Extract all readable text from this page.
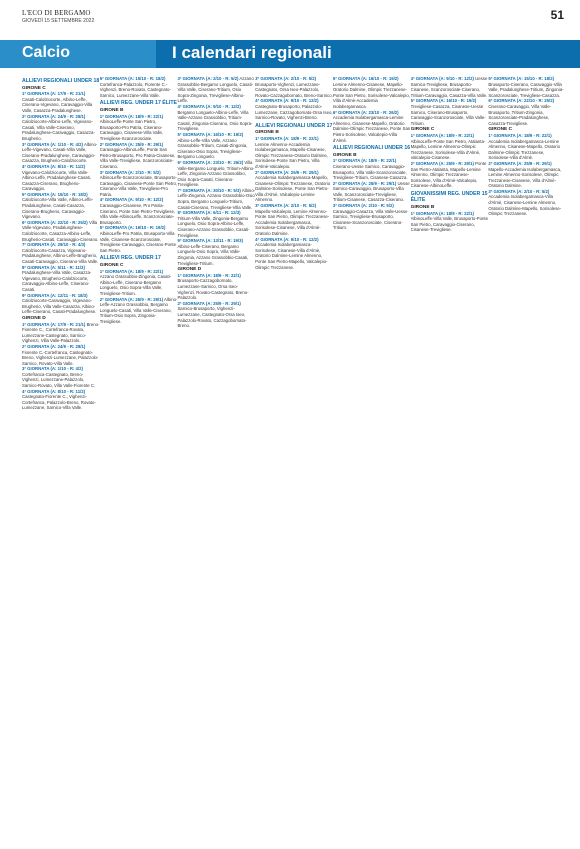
L'ECO DI BERGAMO
GIOVEDÌ 15 SETTEMBRE 2022	51
Calcio	I calendari regionali
ALLIEVI REGIONALI UNDER 18
GIRONE C
1ª GIORNATA (A: 17/9 - R: 21/1) Casati-Calolziocorte, Albino-Leffe, Ciserano-Vigevano, Caravaggio-Villa Valle, Casazza-Pradalunghese.
2ª GIORNATA (A: 24/9 - R: 28/1) Calolziocorte-Albino-Leffe, Vigevano-Casati, Villa Valle-Ciserano, Pradalunghese-Caravaggio, Casazza-Brugherio.
3ª GIORNATA (A: 1/10 - R: 4/2) Albino-Leffe-Vigevano, Casati-Villa Valle, Ciserano-Pradalunghese, Caravaggio-Casazza, Brugherio-Calolziocorte.
4ª GIORNATA (A: 8/10 - R: 11/2) Vigevano-Calolziocorte, Villa Valle-Albino-Leffe, Pradalunghese-Casati, Casazza-Ciserano, Brugherio-Caravaggio.
5ª GIORNATA (A: 15/10 - R: 18/2) Calolziocorte-Villa Valle, Albino-Leffe-Pradalunghese, Casati-Casazza, Ciserano-Brugherio, Caravaggio-Vigevano.
6ª GIORNATA (A: 22/10 - R: 25/2) Villa Valle-Vigevano, Pradalunghese-Calolziocorte, Casazza-Albino-Leffe, Brugherio-Casati, Caravaggio-Ciserano.
7ª GIORNATA (A: 29/10 - R: 4/3) Calolziocorte-Casazza, Vigevano-Pradalunghese, Albino-Leffe-Brugherio, Casati-Caravaggio, Ciserano-Villa Valle.
8ª GIORNATA (A: 5/11 - R: 11/3) Pradalunghese-Villa Valle, Casazza-Vigevano, Brugherio-Calolziocorte, Caravaggio-Albino-Leffe, Ciserano-Casati.
9ª GIORNATA (A: 12/11 - R: 18/3) Calolziocorte-Caravaggio, Vigevano-Brugherio, Villa Valle-Casazza, Albino-Leffe-Ciserano, Casati-Pradalunghese.
GIRONE D
1ª GIORNATA (A: 17/9 - R: 21/1) Breno-Fiorente C., Cortefranca-Rovato, Lumezzane-Castegnato, Sarnico-Vighenzi, Villa Valle-Palazzolo.
2ª GIORNATA (A: 24/9 - R: 28/1) Fiorente C.-Cortefranca, Castegnato-Breno, Vighenzi-Lumezzane, Palazzolo-Sarnico, Rovato-Villa Valle.
3ª GIORNATA (A: 1/10 - R: 4/2) Cortefranca-Castegnato, Breno-Vighenzi, Lumezzane-Palazzolo, Sarnico-Rovato, Villa Valle-Fiorente C.
4ª GIORNATA (A: 8/10 - R: 11/2) Castegnato-Fiorente C., Vighenzi-Cortefranca, Palazzolo-Breno, Rovato-Lumezzane, Sarnico-Villa Valle.
5ª GIORNATA (A: 15/10 - R: 18/2) Cortefranca-Palazzolo, Fiorente C.-Vighenzi, Breno-Rovato, Castegnato-Sarnico, Lumezzane-Villa Valle.
ALLIEVI REG. UNDER 17 ÉLITE
GIRONE B
1ª GIORNATA (A: 18/9 - R: 22/1) AlbinoLeffe-Ponte San Pietro, Brusaporto-Pro Patria, Ciserano-Caravaggio, Cisanese-Villa Valle, Trevigliese-Scanzorosciate.
2ª GIORNATA (A: 25/9 - R: 29/1) Caravaggio-AlbinoLeffe, Ponte San Pietro-Brusaporto, Pro Patria-Cisanese, Villa Valle-Trevigliese, Scanzorosciate-Ciserano.
3ª GIORNATA (A: 2/10 - R: 5/2) AlbinoLeffe-Scanzorosciate, Brusaporto-Caravaggio, Cisanese-Ponte San Pietro, Ciserano-Villa Valle, Trevigliese-Pro Patria.
4ª GIORNATA (A: 9/10 - R: 12/2) Caravaggio-Cisanese, Pro Patria-Ciserano, Ponte San Pietro-Trevigliese, Villa Valle-AlbinoLeffe, Scanzorosciate-Brusaporto.
5ª GIORNATA (A: 16/10 - R: 19/2) AlbinoLeffe-Pro Patria, Brusaporto-Villa Valle, Cisanese-Scanzorosciate, Trevigliese-Caravaggio, Ciserano-Ponte San Pietro.
ALLIEVI REG. UNDER 17
GIRONE C
1ª GIORNATA (A: 18/9 - R: 22/1) Azzano Grassobbio-Zingonia, Casati-Albino-Leffe, Ciserano-Bergamo Longuelo, Osio Sopra-Villa Valle, Trevigliese-Tritium.
2ª GIORNATA (A: 25/9 - R: 29/1) Albino-Leffe-Azzano Grassobbio, Bergamo Longuelo-Casati, Villa Valle-Ciserano, Tritium-Osio Sopra, Zingonia-Trevigliese.
3ª GIORNATA (A: 2/10 - R: 5/2) Azzano Grassobbio-Bergamo Longuelo, Casati-Villa Valle, Ciserano-Tritium, Osio Sopra-Zingonia, Trevigliese-Albino-Leffe.
4ª GIORNATA (A: 9/10 - R: 12/2) Bergamo Longuelo-Albino-Leffe, Villa Valle-Azzano Grassobbio, Tritium-Casati, Zingonia-Ciserano, Osio Sopra-Trevigliese.
5ª GIORNATA (A: 16/10 - R: 19/2) Albino-Leffe-Villa Valle, Azzano Grassobbio-Tritium, Casati-Zingonia, Ciserano-Osio Sopra, Trevigliese-Bergamo Longuelo.
6ª GIORNATA (A: 23/10 - R: 26/2) Villa Valle-Bergamo Longuelo, Tritium-Albino-Leffe, Zingonia-Azzano Grassobbio, Osio Sopra-Casati, Ciserano-Trevigliese.
7ª GIORNATA (A: 30/10 - R: 5/3) Albino-Leffe-Zingonia, Azzano Grassobbio-Osio Sopra, Bergamo Longuelo-Tritium, Casati-Ciserano, Trevigliese-Villa Valle.
8ª GIORNATA (A: 6/11 - R: 12/3) Tritium-Villa Valle, Zingonia-Bergamo Longuelo, Osio Sopra-Albino-Leffe, Ciserano-Azzano Grassobbio, Casati-Trevigliese.
9ª GIORNATA (A: 13/11 - R: 19/3) Albino-Leffe-Ciserano, Bergamo Longuelo-Osio Sopra, Villa Valle-Zingonia, Azzano Grassobbio-Casati, Trevigliese-Tritium.
GIRONE D
1ª GIORNATA (A: 18/9 - R: 22/1) Brusaporto-Cazzagobornato, Lumezzane-Sarnico, Orsa Iseo-Vighenzi, Rovato-Castegnato, Breno-Palazzolo.
2ª GIORNATA (A: 25/9 - R: 29/1) Sarnico-Brusaporto, Vighenzi-Lumezzane, Castegnato-Orsa Iseo, Palazzolo-Rovato, Cazzagobornato-Breno.
3ª GIORNATA (A: 2/10 - R: 5/2) Brusaporto-Vighenzi, Lumezzane-Castegnato, Orsa Iseo-Palazzolo, Rovato-Cazzagobornato, Breno-Sarnico.
4ª GIORNATA (A: 9/10 - R: 12/2) Castegnato-Brusaporto, Palazzolo-Lumezzane, Cazzagobornato-Orsa Iseo, Sarnico-Rovato, Vighenzi-Breno.
ALLIEVI REGIONALI UNDER 17
GIRONE B
1ª GIORNATA (A: 18/9 - R: 22/1) Lemine Almenno-Accademia Isolabergamasca, Mapello-Cisanese, Olimpic Trezzanese-Oratorio Dalmine, Sorisolese-Ponte San Pietro, Villa d'Almè-Valcalepio.
2ª GIORNATA (A: 25/9 - R: 29/1) Accademia Isolabergamasca-Mapello, Cisanese-Olimpic Trezzanese, Oratorio Dalmine-Sorisolese, Ponte San Pietro-Villa d'Almè, Valcalepio-Lemine Almenno.
3ª GIORNATA (A: 2/10 - R: 5/2) Mapello-Valcalepio, Lemine Almenno-Ponte San Pietro, Olimpic Trezzanese-Accademia Isolabergamasca, Sorisolese-Cisanese, Villa d'Almè-Oratorio Dalmine.
4ª GIORNATA (A: 9/10 - R: 12/2) Accademia Isolabergamasca-Sorisolese, Cisanese-Villa d'Almè, Oratorio Dalmine-Lemine Almenno, Ponte San Pietro-Mapello, Valcalepio-Olimpic Trezzanese.
5ª GIORNATA (A: 16/10 - R: 19/2) Lemine Almenno-Cisanese, Mapello-Oratorio Dalmine, Olimpic Trezzanese-Ponte San Pietro, Sorisolese-Valcalepio, Villa d'Almè-Accademia Isolabergamasca.
6ª GIORNATA (A: 23/10 - R: 26/2) Accademia Isolabergamasca-Lemine Almenno, Cisanese-Mapello, Oratorio Dalmine-Olimpic Trezzanese, Ponte San Pietro-Sorisolese, Valcalepio-Villa d'Almè.
ALLIEVI REGIONALI UNDER 16
GIRONE B
1ª GIORNATA (A: 18/9 - R: 22/1) Ciserano-Uesse Sarnico, Caravaggio-Brusaporto, Villa Valle-Scanzorosciate, Trevigliese-Tritium, Cisanese-Casazza.
2ª GIORNATA (A: 25/9 - R: 29/1) Uesse Sarnico-Caravaggio, Brusaporto-Villa Valle, Scanzorosciate-Trevigliese, Tritium-Cisanese, Casazza-Ciserano.
3ª GIORNATA (A: 2/10 - R: 5/2) Caravaggio-Casazza, Villa Valle-Uesse Sarnico, Trevigliese-Brusaporto, Cisanese-Scanzorosciate, Ciserano-Tritium.
4ª GIORNATA (A: 9/10 - R: 12/2) Uesse Sarnico-Trevigliese, Brusaporto-Cisanese, Scanzorosciate-Ciserano, Tritium-Caravaggio, Casazza-Villa Valle.
5ª GIORNATA (A: 16/10 - R: 19/2) Trevigliese-Casazza, Cisanese-Uesse Sarnico, Ciserano-Brusaporto, Caravaggio-Scanzorosciate, Villa Valle-Tritium.
GIRONE C
1ª GIORNATA (A: 18/9 - R: 22/1) AlbinoLeffe-Ponte San Pietro, Atalanta-Mapello, Lemine Almenno-Olimpic Trezzanese, Sorisolese-Villa d'Almè, Valcalepio-Cisanese.
2ª GIORNATA (A: 25/9 - R: 29/1) Ponte San Pietro-Atalanta, Mapello-Lemine Almenno, Olimpic Trezzanese-Sorisolese, Villa d'Almè-Valcalepio, Cisanese-AlbinoLeffe.
GIOVANISSIMI REG. UNDER 15 ÉLITE
GIRONE B
1ª GIORNATA (A: 18/9 - R: 22/1) AlbinoLeffe-Villa Valle, Brusaporto-Ponte San Pietro, Caravaggio-Ciserano, Cisanese-Trevigliese.
5ª GIORNATA (A: 15/10 - R: 18/2) Brusaporto-Ciserano, Caravaggio-Villa Valle, Pradalunghese-Tritium, Zingonia-Scanzorosciate, Trevigliese-Casazza.
6ª GIORNATA (A: 22/10 - R: 25/2) Ciserano-Caravaggio, Villa Valle-Brusaporto, Tritium-Zingonia, Scanzorosciate-Pradalunghese, Casazza-Trevigliese.
GIRONE C
1ª GIORNATA (A: 18/9 - R: 22/1) Accademia Isolabergamasca-Lemine Almenno, Cisanese-Mapello, Oratorio Dalmine-Olimpic Trezzanese, Sorisolese-Villa d'Almè.
2ª GIORNATA (A: 25/9 - R: 29/1) Mapello-Accademia Isolabergamasca, Lemine Almenno-Sorisolese, Olimpic Trezzanese-Cisanese, Villa d'Almè-Oratorio Dalmine.
3ª GIORNATA (A: 2/10 - R: 5/2) Accademia Isolabergamasca-Villa d'Almè, Cisanese-Lemine Almenno, Oratorio Dalmine-Mapello, Sorisolese-Olimpic Trezzanese.
